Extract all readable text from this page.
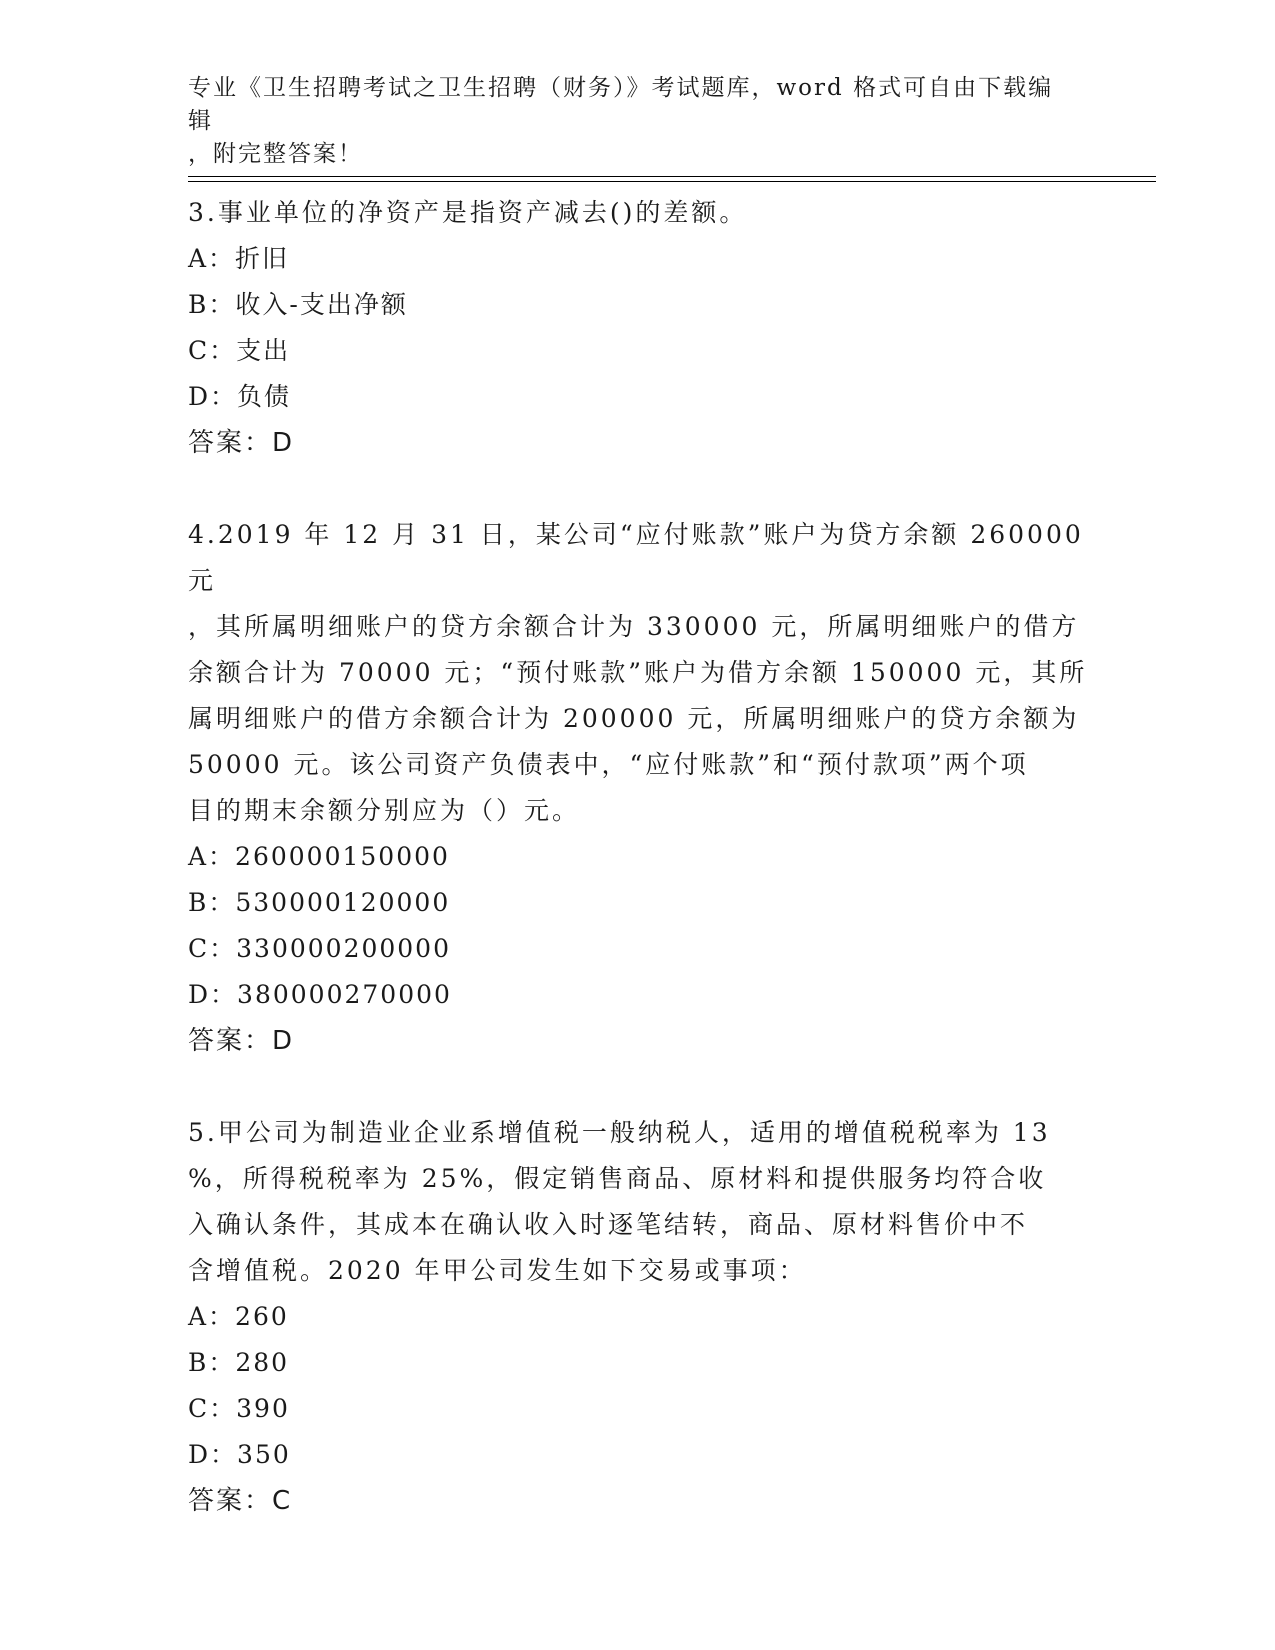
专业《卫生招聘考试之卫生招聘（财务）》考试题库，word 格式可自由下载编辑
，附完整答案！

3.事业单位的净资产是指资产减去()的差额。

A：折旧

B：收入-支出净额

C：支出

D：负债

答案：D

4.2019 年 12 月 31 日，某公司“应付账款”账户为贷方余额 260000 元

，其所属明细账户的贷方余额合计为 330000 元，所属明细账户的借方

余额合计为 70000 元；“预付账款”账户为借方余额 150000 元，其所

属明细账户的借方余额合计为 200000 元，所属明细账户的贷方余额为

50000 元。该公司资产负债表中，“应付账款”和“预付款项”两个项

目的期末余额分别应为（）元。

A：260000150000

B：530000120000

C：330000200000

D：380000270000

答案：D

5.甲公司为制造业企业系增值税一般纳税人，适用的增值税税率为 13

%，所得税税率为 25%，假定销售商品、原材料和提供服务均符合收

入确认条件，其成本在确认收入时逐笔结转，商品、原材料售价中不

含增值税。2020 年甲公司发生如下交易或事项：

A：260

B：280

C：390

D：350

答案：C
